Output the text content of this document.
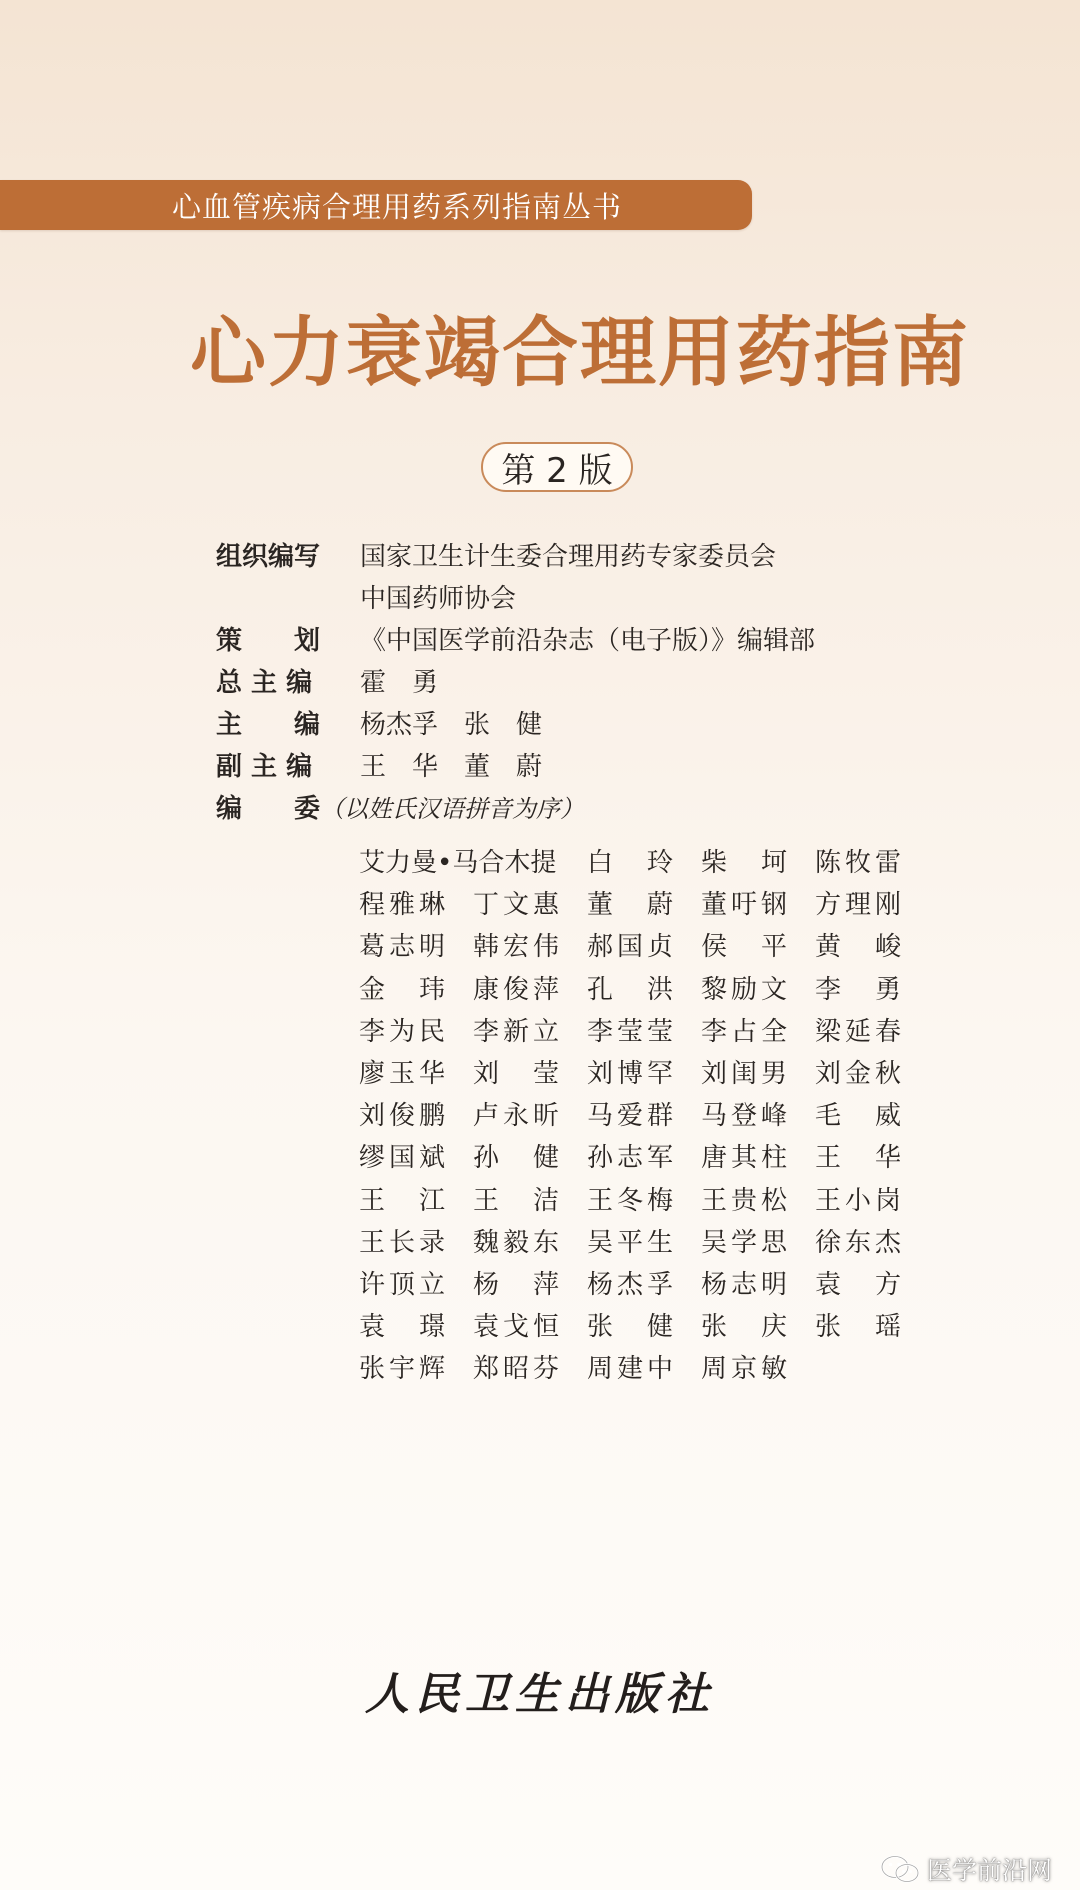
心血管疾病合理用药系列指南丛书
心力衰竭合理用药指南
第 2 版
组织编写	国家卫生计生委合理用药专家委员会
中国药师协会
策　　划	《中国医学前沿杂志（电子版）》编辑部
总 主 编	霍　勇
主　　编	杨杰孚　张　健
副 主 编	王　华　董　蔚
编　　委 （以姓氏汉语拼音为序）
艾力曼•马合木提 白　玲 柴　坷 陈牧雷
程雅琳 丁文惠 董　蔚 董吁钢 方理刚
葛志明 韩宏伟 郝国贞 侯　平 黄　峻
金　玮 康俊萍 孔　洪 黎励文 李　勇
李为民 李新立 李莹莹 李占全 梁延春
廖玉华 刘　莹 刘博罕 刘闺男 刘金秋
刘俊鹏 卢永昕 马爱群 马登峰 毛　威
缪国斌 孙　健 孙志军 唐其柱 王　华
王　江 王　洁 王冬梅 王贵松 王小岗
王长录 魏毅东 吴平生 吴学思 徐东杰
许顶立 杨　萍 杨杰孚 杨志明 袁　方
袁　璟 袁戈恒 张　健 张　庆 张　瑶
张宇辉 郑昭芬 周建中 周京敏
人民卫生出版社
医学前沿网
